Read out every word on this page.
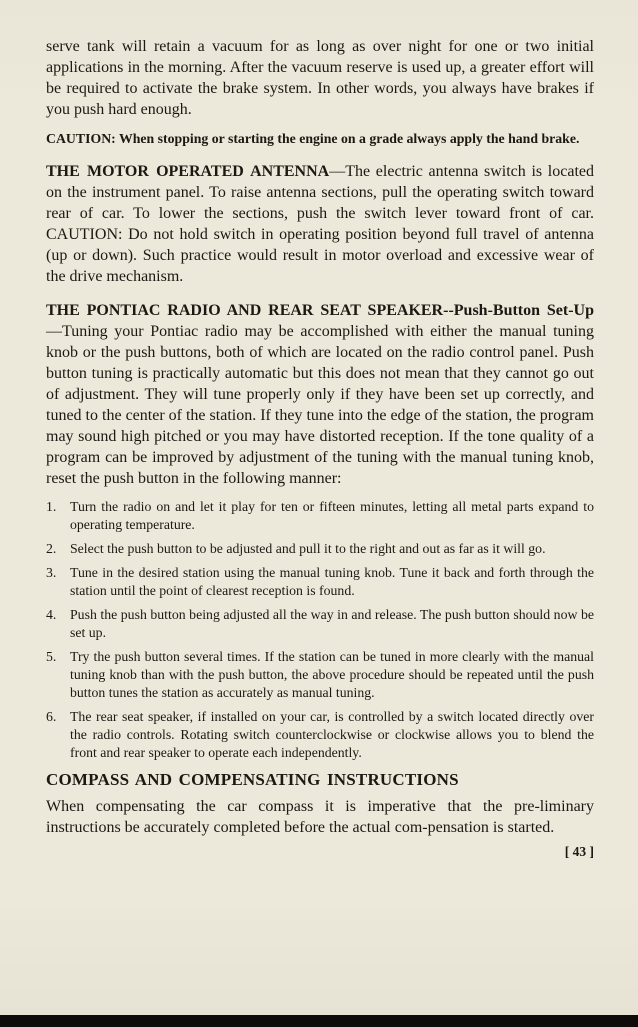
serve tank will retain a vacuum for as long as over night for one or two initial applications in the morning. After the vacuum reserve is used up, a greater effort will be required to activate the brake system. In other words, you always have brakes if you push hard enough.

CAUTION: When stopping or starting the engine on a grade always apply the hand brake.

THE MOTOR OPERATED ANTENNA—The electric antenna switch is located on the instrument panel. To raise antenna sections, pull the operating switch toward rear of car. To lower the sections, push the switch lever toward front of car. CAUTION: Do not hold switch in operating position beyond full travel of antenna (up or down). Such practice would result in motor overload and excessive wear of the drive mechanism.

THE PONTIAC RADIO AND REAR SEAT SPEAKER--Push-Button Set-Up—Tuning your Pontiac radio may be accomplished with either the manual tuning knob or the push buttons, both of which are located on the radio control panel. Push button tuning is practically automatic but this does not mean that they cannot go out of adjustment. They will tune properly only if they have been set up correctly, and tuned to the center of the station. If they tune into the edge of the station, the program may sound high pitched or you may have distorted reception. If the tone quality of a program can be improved by adjustment of the tuning with the manual tuning knob, reset the push button in the following manner:

1. Turn the radio on and let it play for ten or fifteen minutes, letting all metal parts expand to operating temperature.
2. Select the push button to be adjusted and pull it to the right and out as far as it will go.
3. Tune in the desired station using the manual tuning knob. Tune it back and forth through the station until the point of clearest reception is found.
4. Push the push button being adjusted all the way in and release. The push button should now be set up.
5. Try the push button several times. If the station can be tuned in more clearly with the manual tuning knob than with the push button, the above procedure should be repeated until the push button tunes the station as accurately as manual tuning.
6. The rear seat speaker, if installed on your car, is controlled by a switch located directly over the radio controls. Rotating switch counterclockwise or clockwise allows you to blend the front and rear speaker to operate each independently.
COMPASS AND COMPENSATING INSTRUCTIONS

When compensating the car compass it is imperative that the pre-liminary instructions be accurately completed before the actual com-pensation is started.

[ 43 ]
